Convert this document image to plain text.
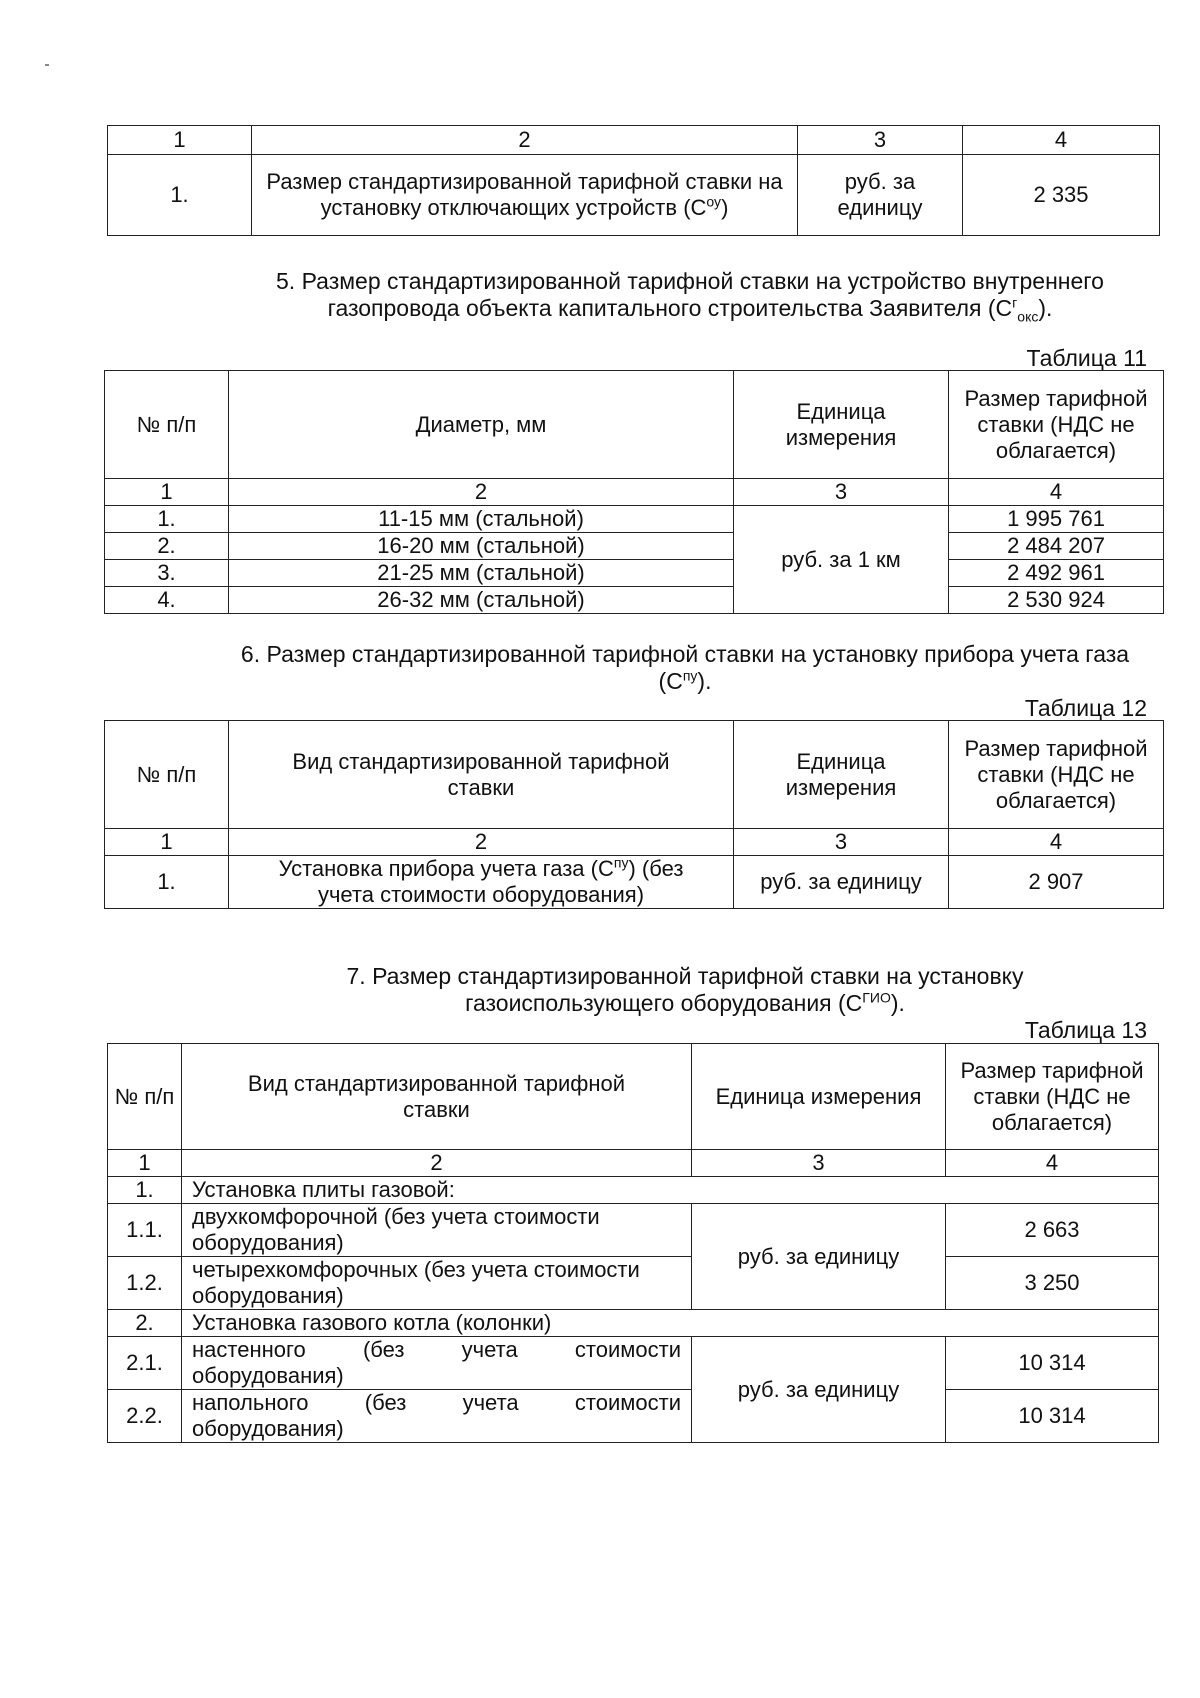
1	2	3	4
1.	Размер стандартизированной тарифной ставки на установку отключающих устройств $(С^{оу})$	руб. за единицу	2 335
5. Размер стандартизированной тарифной ставки на устройство внутреннего газопровода объекта капитального строительства Заявителя $(С^г_{окс})$.
Таблица 11
№ п/п	Диаметр, мм	Единица измерения	Размер тарифной ставки (НДС не облагается)
1	2	3	4
1.	11-15 мм (стальной)	руб. за 1 км	1 995 761
2.	16-20 мм (стальной)		2 484 207
3.	21-25 мм (стальной)		2 492 961
4.	26-32 мм (стальной)		2 530 924
6. Размер стандартизированной тарифной ставки на установку прибора учета газа $(С^{пу})$.
Таблица 12
№ п/п	Вид стандартизированной тарифной ставки	Единица измерения	Размер тарифной ставки (НДС не облагается)
1	2	3	4
1.	Установка прибора учета газа $(С^{пу})$ (без учета стоимости оборудования)	руб. за единицу	2 907
7. Размер стандартизированной тарифной ставки на установку газоиспользующего оборудования $(С^{ГИО})$.
Таблица 13
№ п/п	Вид стандартизированной тарифной ставки	Единица измерения	Размер тарифной ставки (НДС не облагается)
1	2	3	4
1.	Установка плиты газовой:		
1.1.	двухкомфорочной (без учета стоимости оборудования)	руб. за единицу	2 663
1.2.	четырехкомфорочных (без учета стоимости оборудования)		3 250
2.	Установка газового котла (колонки)		
2.1.	настенного (без учета стоимости оборудования)	руб. за единицу	10 314
2.2.	напольного (без учета стоимости оборудования)		10 314
